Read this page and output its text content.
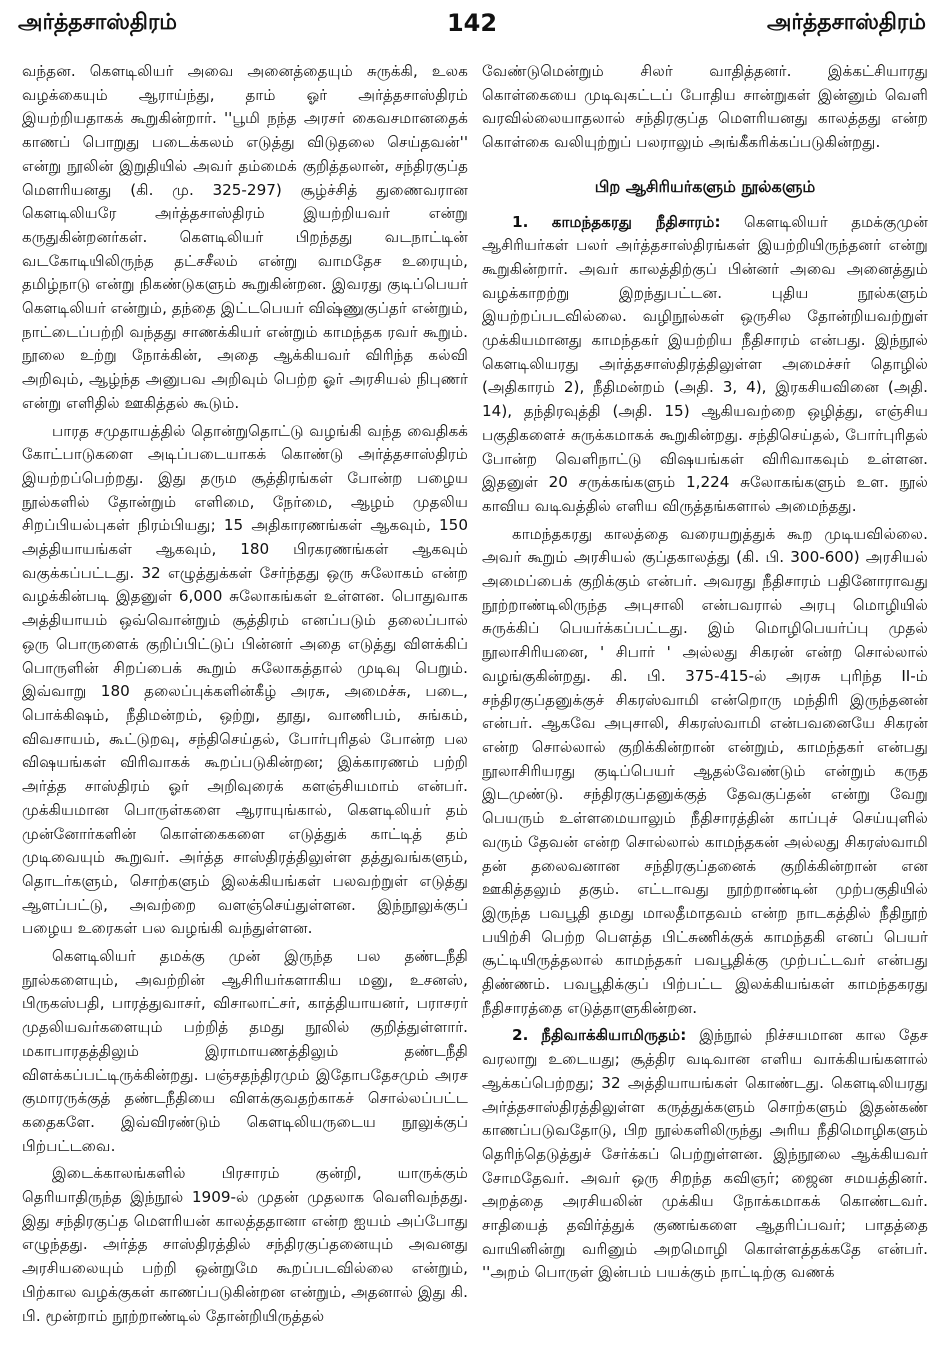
அர்த்தசாஸ்திரம்	142	அர்த்தசாஸ்திரம்

வந்தன. கௌடிலியர் அவை அனைத்தையும் சுருக்கி, உலக வழக்கையும் ஆராய்ந்து, தாம் ஓர் அர்த்தசாஸ்திரம் இயற்றியதாகக் கூறுகின்றார். ''பூமி நந்த அரசர் கைவசமானதைக் காணப் பொறுது படைக்கலம் எடுத்து விடுதலை செய்தவன்'' என்று நூலின் இறுதியில் அவர் தம்மைக் குறித்தலான், சந்திரகுப்த மௌரியனது (கி. மு. 325-297) சூழ்ச்சித் துணைவரான கௌடிலியரே அர்த்தசாஸ்திரம் இயற்றியவர் என்று கருதுகின்றனர்கள். கௌடிலியர் பிறந்தது வடநாட்டின் வடகோடியிலிருந்த தட்சசீலம் என்று வாமதேச உரையும், தமிழ்நாடு என்று நிகண்டுகளும் கூறுகின்றன. இவரது குடிப்பெயர் கௌடிலியர் என்றும், தந்தை இட்டபெயர் விஷ்ணுகுப்தர் என்றும், நாட்டைப்பற்றி வந்தது சாணக்கியர் என்றும் காமந்தக ரவர் கூறும். நூலை உற்று நோக்கின், அதை ஆக்கியவர் விரிந்த கல்வி அறிவும், ஆழ்ந்த அனுபவ அறிவும் பெற்ற ஓர் அரசியல் நிபுணர் என்று எளிதில் ஊகித்தல் கூடும்.

பாரத சமுதாயத்தில் தொன்றுதொட்டு வழங்கி வந்த வைதிகக் கோட்பாடுகளை அடிப்படையாகக் கொண்டு அர்த்தசாஸ்திரம் இயற்றப்பெற்றது. இது தரும சூத்திரங்கள் போன்ற பழைய நூல்களில் தோன்றும் எளிமை, நேர்மை, ஆழம் முதலிய சிறப்பியல்புகள் நிரம்பியது; 15 அதிகாரணங்கள் ஆகவும், 150 அத்தியாயங்கள் ஆகவும், 180 பிரகரணங்கள் ஆகவும் வகுக்கப்பட்டது. 32 எழுத்துக்கள் சேர்ந்தது ஒரு சுலோகம் என்ற வழக்கின்படி இதனுள் 6,000 சுலோகங்கள் உள்ளன. பொதுவாக அத்தியாயம் ஒவ்வொன்றும் சூத்திரம் எனப்படும் தலைப்பால் ஒரு பொருளைக் குறிப்பிட்டுப் பின்னர் அதை எடுத்து விளக்கிப் பொருளின் சிறப்பைக் கூறும் சுலோகத்தால் முடிவு பெறும். இவ்வாறு 180 தலைப்புக்களின்கீழ் அரசு, அமைச்சு, படை, பொக்கிஷம், நீதிமன்றம், ஒற்று, தூது, வாணிபம், சுங்கம், விவசாயம், கூட்டுறவு, சந்திசெய்தல், போர்புரிதல் போன்ற பல விஷயங்கள் விரிவாகக் கூறப்படுகின்றன; இக்காரணம் பற்றி அர்த்த சாஸ்திரம் ஓர் அறிவுரைக் களஞ்சியமாம் என்பர். முக்கியமான பொருள்களை ஆராயுங்கால், கௌடிலியர் தம் முன்னோர்களின் கொள்கைகளை எடுத்துக் காட்டித் தம் முடிவையும் கூறுவர். அர்த்த சாஸ்திரத்திலுள்ள தத்துவங்களும், தொடர்களும், சொற்களும் இலக்கியங்கள் பலவற்றுள் எடுத்து ஆளப்பட்டு, அவற்றை வளஞ்செய்துள்ளன. இந்நூலுக்குப் பழைய உரைகள் பல வழங்கி வந்துள்ளன.

கௌடிலியர் தமக்கு முன் இருந்த பல தண்டநீதி நூல்களையும், அவற்றின் ஆசிரியர்களாகிய மனு, உசனஸ், பிருகஸ்பதி, பாரத்துவாசர், விசாலாட்சர், காத்தியாயனர், பராசரர் முதலியவர்களையும் பற்றித் தமது நூலில் குறித்துள்ளார். மகாபாரதத்திலும் இராமாயணத்திலும் தண்டநீதி விளக்கப்பட்டிருக்கின்றது. பஞ்சதந்திரமும் இதோபதேசமும் அரச குமாரருக்குத் தண்டநீதியை விளக்குவதற்காகச் சொல்லப்பட்ட கதைகளே. இவ்விரண்டும் கௌடிலியருடைய நூலுக்குப் பிற்பட்டவை.

இடைக்காலங்களில் பிரசாரம் குன்றி, யாருக்கும் தெரியாதிருந்த இந்நூல் 1909-ல் முதன் முதலாக வெளிவந்தது. இது சந்திரகுப்த மௌரியன் காலத்ததானா என்ற ஐயம் அப்போது எழுந்தது. அர்த்த சாஸ்திரத்தில் சந்திரகுப்தனையும் அவனது அரசியலையும் பற்றி ஒன்றுமே கூறப்படவில்லை என்றும், பிற்கால வழக்குகள் காணப்படுகின்றன என்றும், அதனால் இது கி. பி. மூன்றாம் நூற்றாண்டில் தோன்றியிருத்தல்

வேண்டுமென்றும் சிலர் வாதித்தனர். இக்கட்சியாரது கொள்கையை முடிவுகட்டப் போதிய சான்றுகள் இன்னும் வெளி வரவில்லையாதலால் சந்திரகுப்த மௌரியனது காலத்தது என்ற கொள்கை வலியுற்றுப் பலராலும் அங்கீகரிக்கப்படுகின்றது.

பிற ஆசிரியர்களும் நூல்களும்

1. காமந்தகரது நீதிசாரம்: கௌடிலியர் தமக்குமுன் ஆசிரியர்கள் பலர் அர்த்தசாஸ்திரங்கள் இயற்றியிருந்தனர் என்று கூறுகின்றார். அவர் காலத்திற்குப் பின்னர் அவை அனைத்தும் வழக்காறற்று இறந்துபட்டன. புதிய நூல்களும் இயற்றப்படவில்லை. வழிநூல்கள் ஒருசில தோன்றியவற்றுள் முக்கியமானது காமந்தகர் இயற்றிய நீதிசாரம் என்பது. இந்நூல் கௌடிலியரது அர்த்தசாஸ்திரத்திலுள்ள அமைச்சர் தொழில் (அதிகாரம் 2), நீதிமன்றம் (அதி. 3, 4), இரகசியவினை (அதி. 14), தந்திரவுத்தி (அதி. 15) ஆகியவற்றை ஒழித்து, எஞ்சிய பகுதிகளைச் சுருக்கமாகக் கூறுகின்றது. சந்திசெய்தல், போர்புரிதல் போன்ற வெளிநாட்டு விஷயங்கள் விரிவாகவும் உள்ளன. இதனுள் 20 சருக்கங்களும் 1,224 சுலோகங்களும் உள. நூல் காவிய வடிவத்தில் எளிய விருத்தங்களால் அமைந்தது.

காமந்தகரது காலத்தை வரையறுத்துக் கூற முடியவில்லை. அவர் கூறும் அரசியல் குப்தகாலத்து (கி. பி. 300-600) அரசியல் அமைப்பைக் குறிக்கும் என்பர். அவரது நீதிசாரம் பதினோராவது நூற்றாண்டிலிருந்த அபுசாலி என்பவரால் அரபு மொழியில் சுருக்கிப் பெயர்க்கப்பட்டது. இம் மொழிபெயர்ப்பு முதல் நூலாசிரியனை, ' சிபார் ' அல்லது சிகரன் என்ற சொல்லால் வழங்குகின்றது. கி. பி. 375-415-ல் அரசு புரிந்த II-ம் சந்திரகுப்தனுக்குச் சிகரஸ்வாமி என்றொரு மந்திரி இருந்தனன் என்பர். ஆகவே அபுசாலி, சிகரஸ்வாமி என்பவனையே சிகரன் என்ற சொல்லால் குறிக்கின்றான் என்றும், காமந்தகர் என்பது நூலாசிரியரது குடிப்பெயர் ஆதல்வேண்டும் என்றும் கருத இடமுண்டு. சந்திரகுப்தனுக்குத் தேவகுப்தன் என்று வேறு பெயரும் உள்ளமையாலும் நீதிசாரத்தின் காப்புச் செய்யுளில் வரும் தேவன் என்ற சொல்லால் காமந்தகன் அல்லது சிகரஸ்வாமி தன் தலைவனான சந்திரகுப்தனைக் குறிக்கின்றான் என ஊகித்தலும் தகும். எட்டாவது நூற்றாண்டின் முற்பகுதியில் இருந்த பவபூதி தமது மாலதீமாதவம் என்ற நாடகத்தில் நீதிநூற் பயிற்சி பெற்ற பௌத்த பிட்சுணிக்குக் காமந்தகி எனப் பெயர் சூட்டியிருத்தலால் காமந்தகர் பவபூதிக்கு முற்பட்டவர் என்பது திண்ணம். பவபூதிக்குப் பிற்பட்ட இலக்கியங்கள் காமந்தகரது நீதிசாரத்தை எடுத்தாளுகின்றன.

2. நீதிவாக்கியாமிருதம்: இந்நூல் நிச்சயமான கால தேச வரலாறு உடையது; சூத்திர வடிவான எளிய வாக்கியங்களால் ஆக்கப்பெற்றது; 32 அத்தியாயங்கள் கொண்டது. கௌடிலியரது அர்த்தசாஸ்திரத்திலுள்ள கருத்துக்களும் சொற்களும் இதன்கண் காணப்படுவதோடு, பிற நூல்களிலிருந்து அரிய நீதிமொழிகளும் தெரிந்தெடுத்துச் சேர்க்கப் பெற்றுள்ளன. இந்நூலை ஆக்கியவர் சோமதேவர். அவர் ஒரு சிறந்த கவிஞர்; ஜைன சமயத்தினர். அறத்தை அரசியலின் முக்கிய நோக்கமாகக் கொண்டவர். சாதியைத் தவிர்த்துக் குணங்களை ஆதரிப்பவர்; பாதத்தை வாயினின்று வரினும் அறமொழி கொள்ளத்தக்கதே என்பர். ''அறம் பொருள் இன்பம் பயக்கும் நாட்டிற்கு வணக்
